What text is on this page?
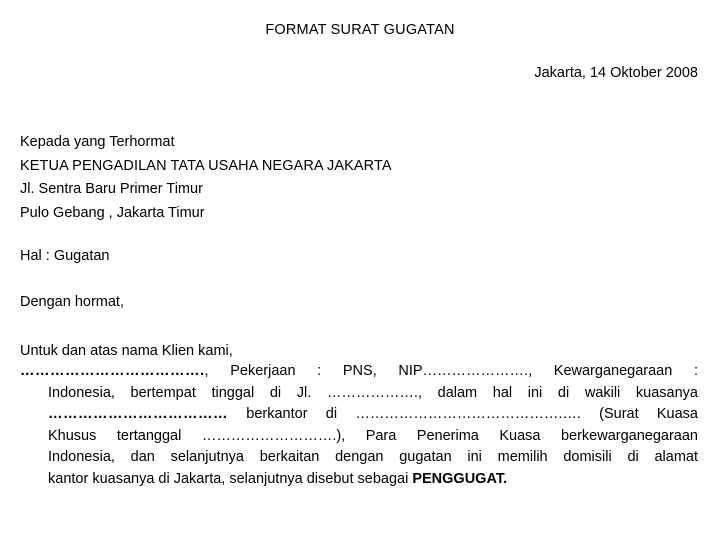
FORMAT SURAT GUGATAN
Jakarta, 14 Oktober 2008
Kepada yang Terhormat
KETUA PENGADILAN TATA USAHA NEGARA JAKARTA
Jl. Sentra Baru Primer Timur
Pulo Gebang , Jakarta Timur
Hal : Gugatan
Dengan hormat,
Untuk dan atas nama Klien kami,
………………………………., Pekerjaan : PNS, NIP…………………., Kewarganegaraan :
Indonesia, bertempat tinggal di Jl. ………………., dalam hal ini di wakili kuasanya
……………………………… berkantor di …………………………………….…. (Surat Kuasa
Khusus tertanggal ……………………….), Para Penerima Kuasa berkewarganegaraan
Indonesia, dan selanjutnya berkaitan dengan gugatan ini memilih domisili di alamat
kantor kuasanya di Jakarta, selanjutnya disebut sebagai PENGGUGAT.
